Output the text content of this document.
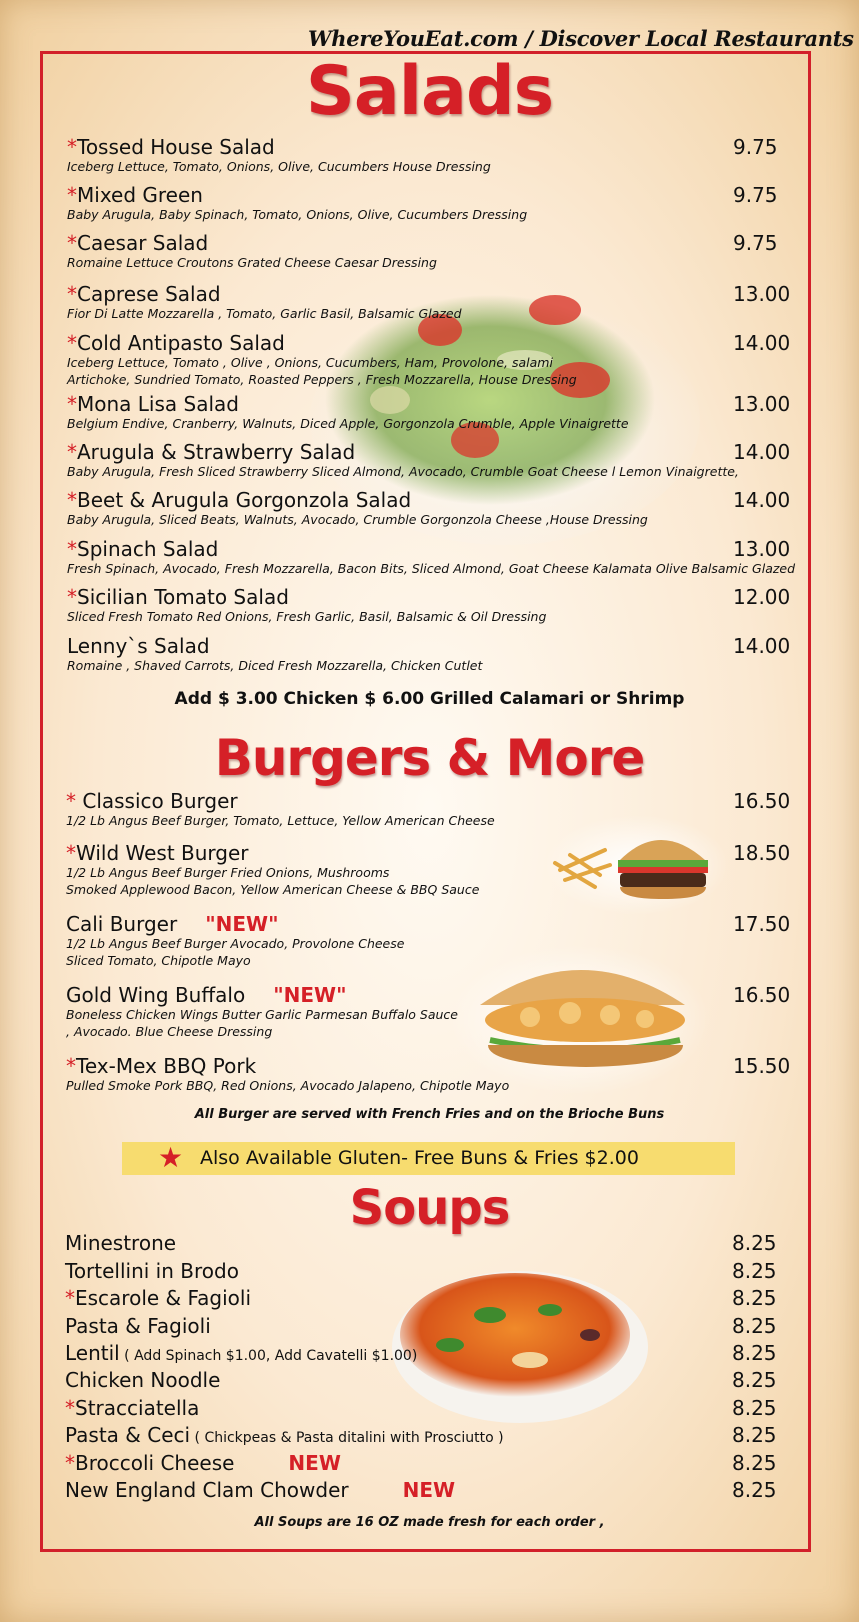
WhereYouEat.com / Discover Local Restaurants
Salads
Add $ 3.00 Chicken $ 6.00 Grilled Calamari or Shrimp
Burgers & More
All Burger are served with French Fries and on the Brioche Buns
★ Also Available Gluten- Free Buns & Fries $2.00
Soups
All Soups are 16 OZ made fresh for each order ,
*Tossed House Salad
Iceberg Lettuce, Tomato, Onions, Olive, Cucumbers House Dressing
9.75
*Mixed Green
Baby Arugula, Baby Spinach, Tomato, Onions, Olive, Cucumbers Dressing
9.75
*Caesar Salad
Romaine Lettuce Croutons Grated Cheese Caesar Dressing
9.75
*Caprese Salad
Fior Di Latte Mozzarella , Tomato, Garlic Basil, Balsamic Glazed
13.00
*Cold Antipasto Salad
Iceberg Lettuce, Tomato , Olive , Onions, Cucumbers, Ham, Provolone, salami
Artichoke, Sundried Tomato, Roasted Peppers , Fresh Mozzarella, House Dressing
14.00
*Mona Lisa Salad
Belgium Endive, Cranberry, Walnuts, Diced Apple, Gorgonzola Crumble, Apple Vinaigrette
13.00
*Arugula & Strawberry Salad
Baby Arugula, Fresh Sliced Strawberry Sliced Almond, Avocado, Crumble Goat Cheese l Lemon Vinaigrette,
14.00
*Beet & Arugula Gorgonzola Salad
Baby Arugula, Sliced Beats, Walnuts, Avocado, Crumble Gorgonzola Cheese ,House Dressing
14.00
*Spinach Salad
Fresh Spinach, Avocado, Fresh Mozzarella, Bacon Bits, Sliced Almond, Goat Cheese Kalamata Olive Balsamic Glazed
13.00
*Sicilian Tomato Salad
Sliced Fresh Tomato Red Onions, Fresh Garlic, Basil, Balsamic & Oil Dressing
12.00
Lenny`s Salad
Romaine , Shaved Carrots, Diced Fresh Mozzarella, Chicken Cutlet
14.00
* Classico Burger
1/2 Lb Angus Beef Burger, Tomato, Lettuce, Yellow American Cheese
16.50
*Wild West Burger
1/2 Lb Angus Beef Burger Fried Onions, Mushrooms
Smoked Applewood Bacon, Yellow American Cheese & BBQ Sauce
18.50
Cali Burger "NEW"
1/2 Lb Angus Beef Burger Avocado, Provolone Cheese
Sliced Tomato, Chipotle Mayo
17.50
Gold Wing Buffalo "NEW"
Boneless Chicken Wings Butter Garlic Parmesan Buffalo Sauce
, Avocado. Blue Cheese Dressing
16.50
*Tex-Mex BBQ Pork
Pulled Smoke Pork BBQ, Red Onions, Avocado Jalapeno, Chipotle Mayo
15.50
Minestrone	8.25
Tortellini in Brodo	8.25
*Escarole & Fagioli	8.25
Pasta & Fagioli	8.25
Lentil ( Add Spinach $1.00, Add Cavatelli $1.00)	8.25
Chicken Noodle	8.25
*Stracciatella	8.25
Pasta & Ceci ( Chickpeas & Pasta ditalini with Prosciutto )	8.25
*Broccoli Cheese	NEW	8.25
New England Clam Chowder	NEW	8.25
